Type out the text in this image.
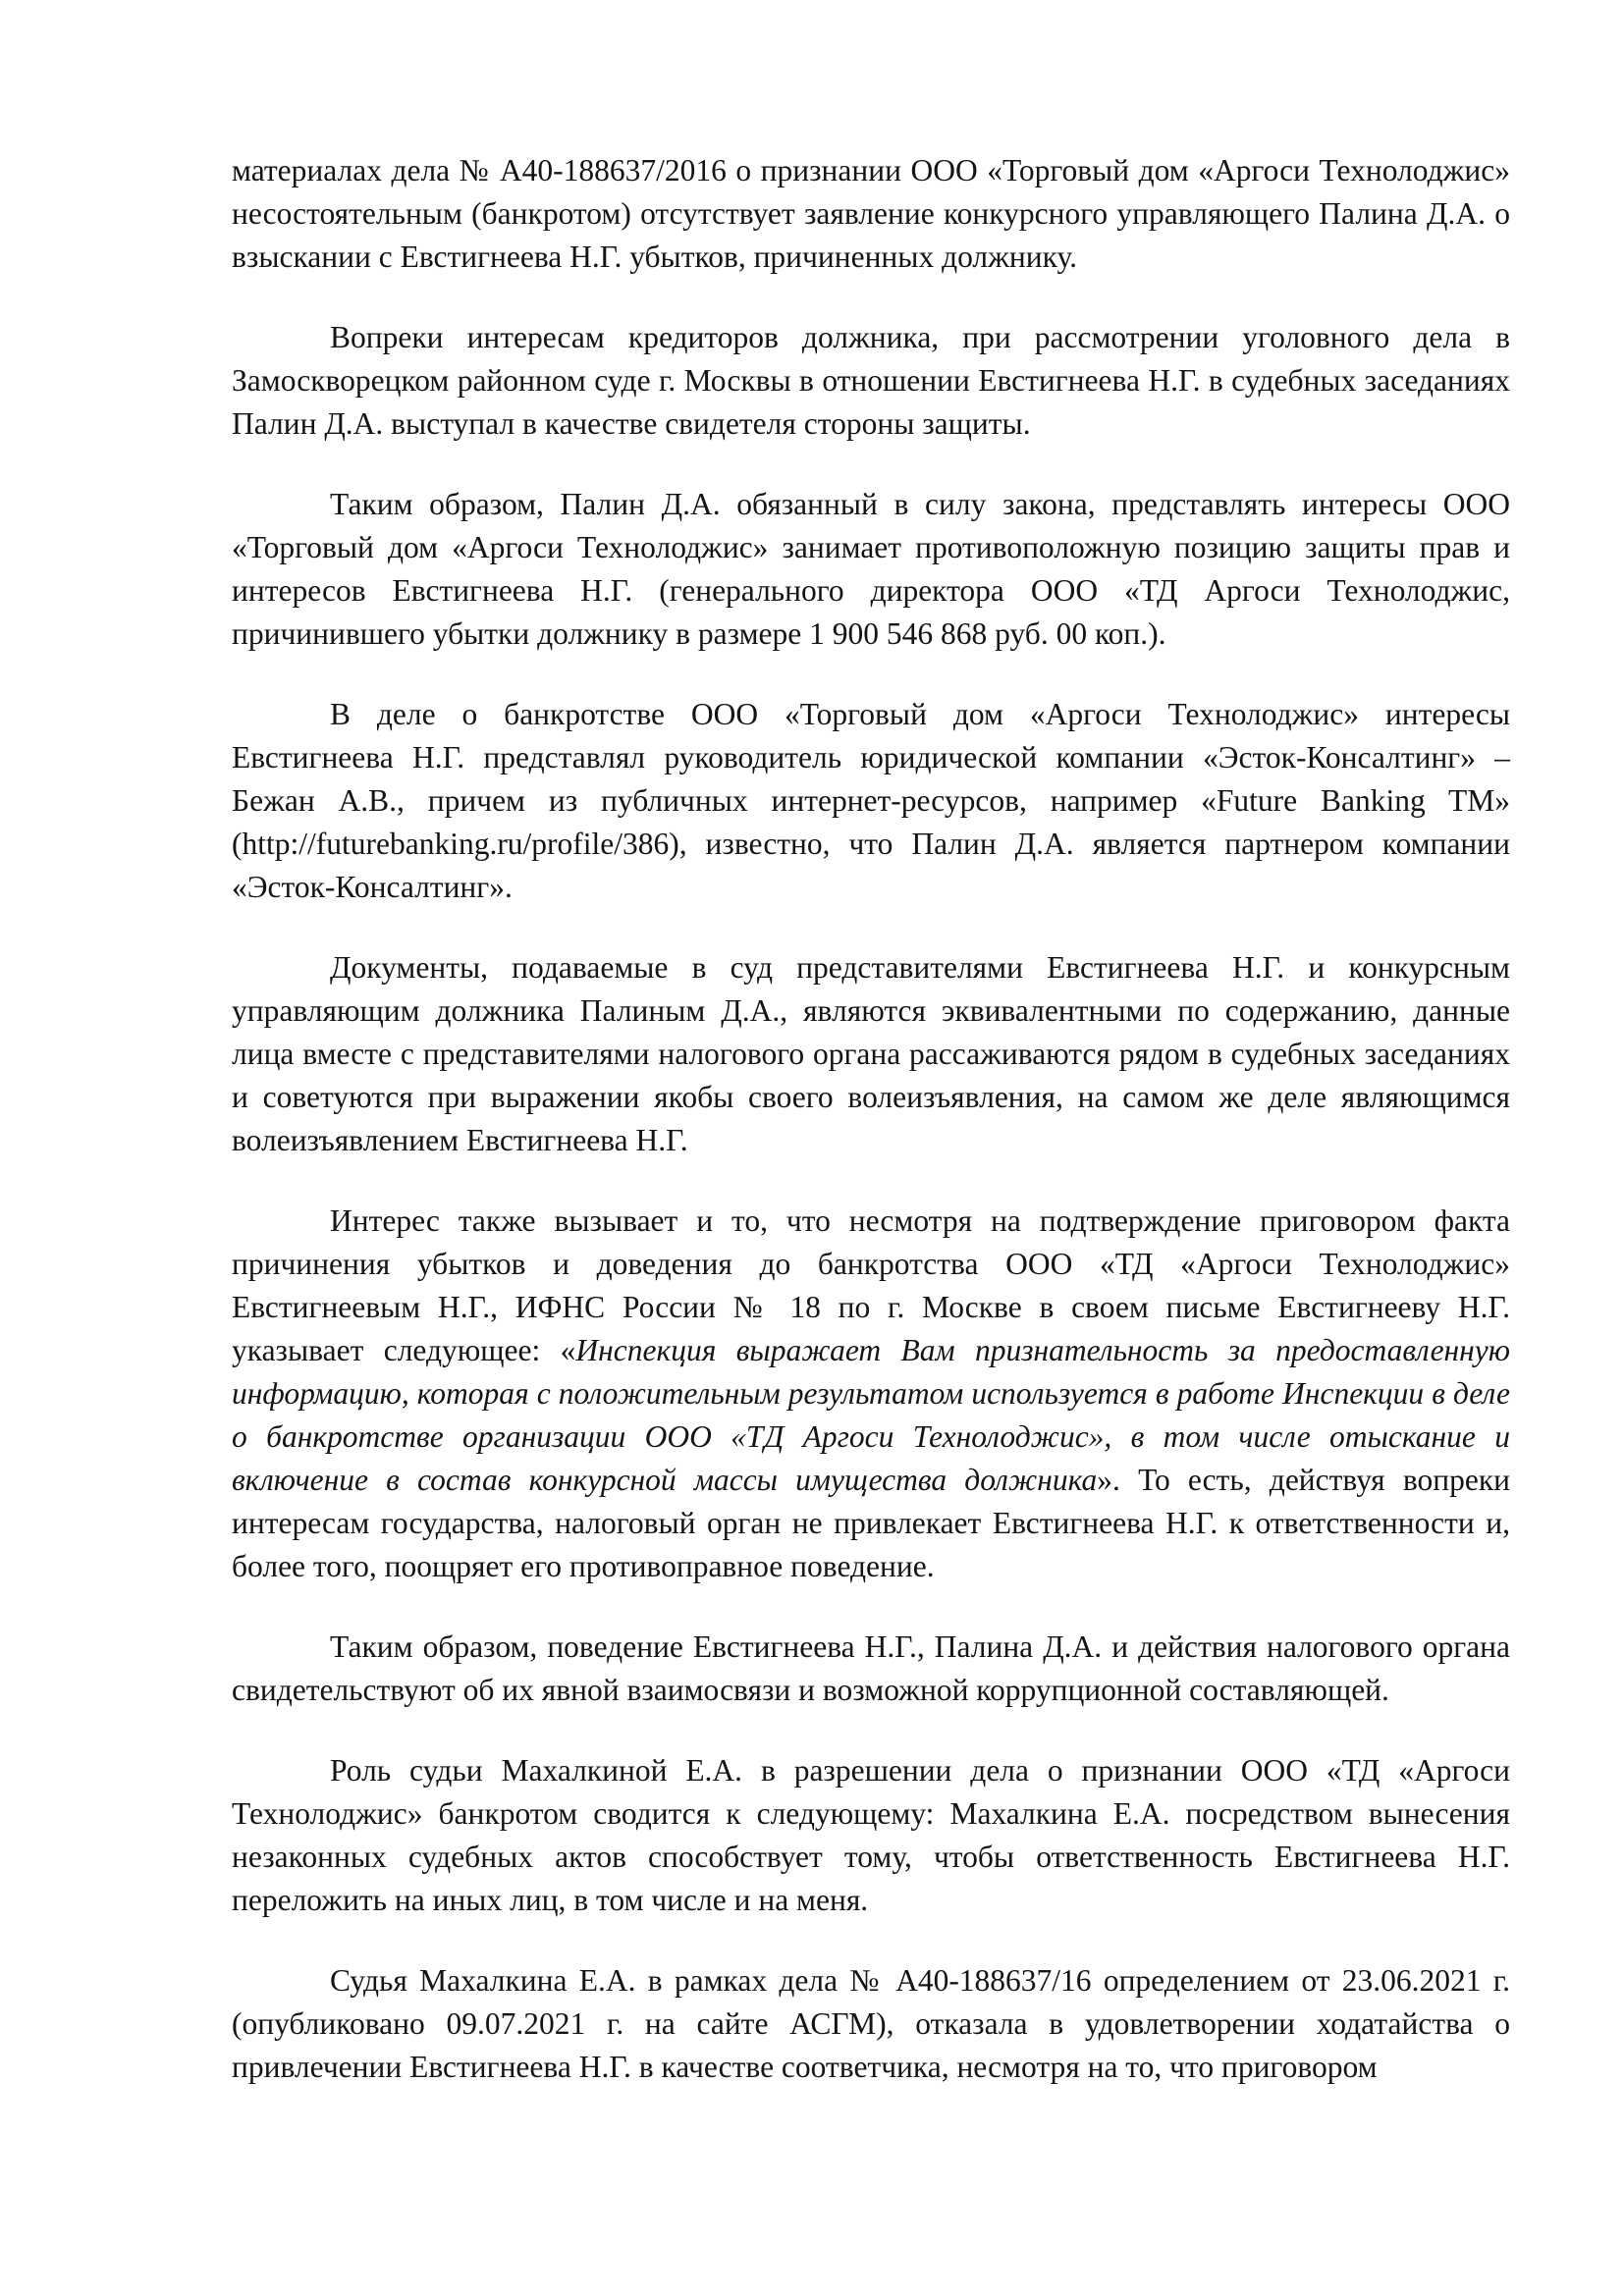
материалах дела № А40-188637/2016 о признании ООО «Торговый дом «Аргоси Технолоджис» несостоятельным (банкротом) отсутствует заявление конкурсного управляющего Палина Д.А. о взыскании с Евстигнеева Н.Г. убытков, причиненных должнику.

Вопреки интересам кредиторов должника, при рассмотрении уголовного дела в Замоскворецком районном суде г. Москвы в отношении Евстигнеева Н.Г. в судебных заседаниях Палин Д.А. выступал в качестве свидетеля стороны защиты.

Таким образом, Палин Д.А. обязанный в силу закона, представлять интересы ООО «Торговый дом «Аргоси Технолоджис» занимает противоположную позицию защиты прав и интересов Евстигнеева Н.Г. (генерального директора ООО «ТД Аргоси Технолоджис, причинившего убытки должнику в размере 1 900 546 868 руб. 00 коп.).

В деле о банкротстве ООО «Торговый дом «Аргоси Технолоджис» интересы Евстигнеева Н.Г. представлял руководитель юридической компании «Эсток-Консалтинг» – Бежан А.В., причем из публичных интернет-ресурсов, например «Future Banking TM» (http://futurebanking.ru/profile/386), известно, что Палин Д.А. является партнером компании «Эсток-Консалтинг».

Документы, подаваемые в суд представителями Евстигнеева Н.Г. и конкурсным управляющим должника Палиным Д.А., являются эквивалентными по содержанию, данные лица вместе с представителями налогового органа рассаживаются рядом в судебных заседаниях и советуются при выражении якобы своего волеизъявления, на самом же деле являющимся волеизъявлением Евстигнеева Н.Г.

Интерес также вызывает и то, что несмотря на подтверждение приговором факта причинения убытков и доведения до банкротства ООО «ТД «Аргоси Технолоджис» Евстигнеевым Н.Г., ИФНС России № 18 по г. Москве в своем письме Евстигнееву Н.Г. указывает следующее: «Инспекция выражает Вам признательность за предоставленную информацию, которая с положительным результатом используется в работе Инспекции в деле о банкротстве организации ООО «ТД Аргоси Технолоджис», в том числе отыскание и включение в состав конкурсной массы имущества должника». То есть, действуя вопреки интересам государства, налоговый орган не привлекает Евстигнеева Н.Г. к ответственности и, более того, поощряет его противоправное поведение.

Таким образом, поведение Евстигнеева Н.Г., Палина Д.А. и действия налогового органа свидетельствуют об их явной взаимосвязи и возможной коррупционной составляющей.

Роль судьи Махалкиной Е.А. в разрешении дела о признании ООО «ТД «Аргоси Технолоджис» банкротом сводится к следующему: Махалкина Е.А. посредством вынесения незаконных судебных актов способствует тому, чтобы ответственность Евстигнеева Н.Г. переложить на иных лиц, в том числе и на меня.

Судья Махалкина Е.А. в рамках дела № А40-188637/16 определением от 23.06.2021 г. (опубликовано 09.07.2021 г. на сайте АСГМ), отказала в удовлетворении ходатайства о привлечении Евстигнеева Н.Г. в качестве соответчика, несмотря на то, что приговором
